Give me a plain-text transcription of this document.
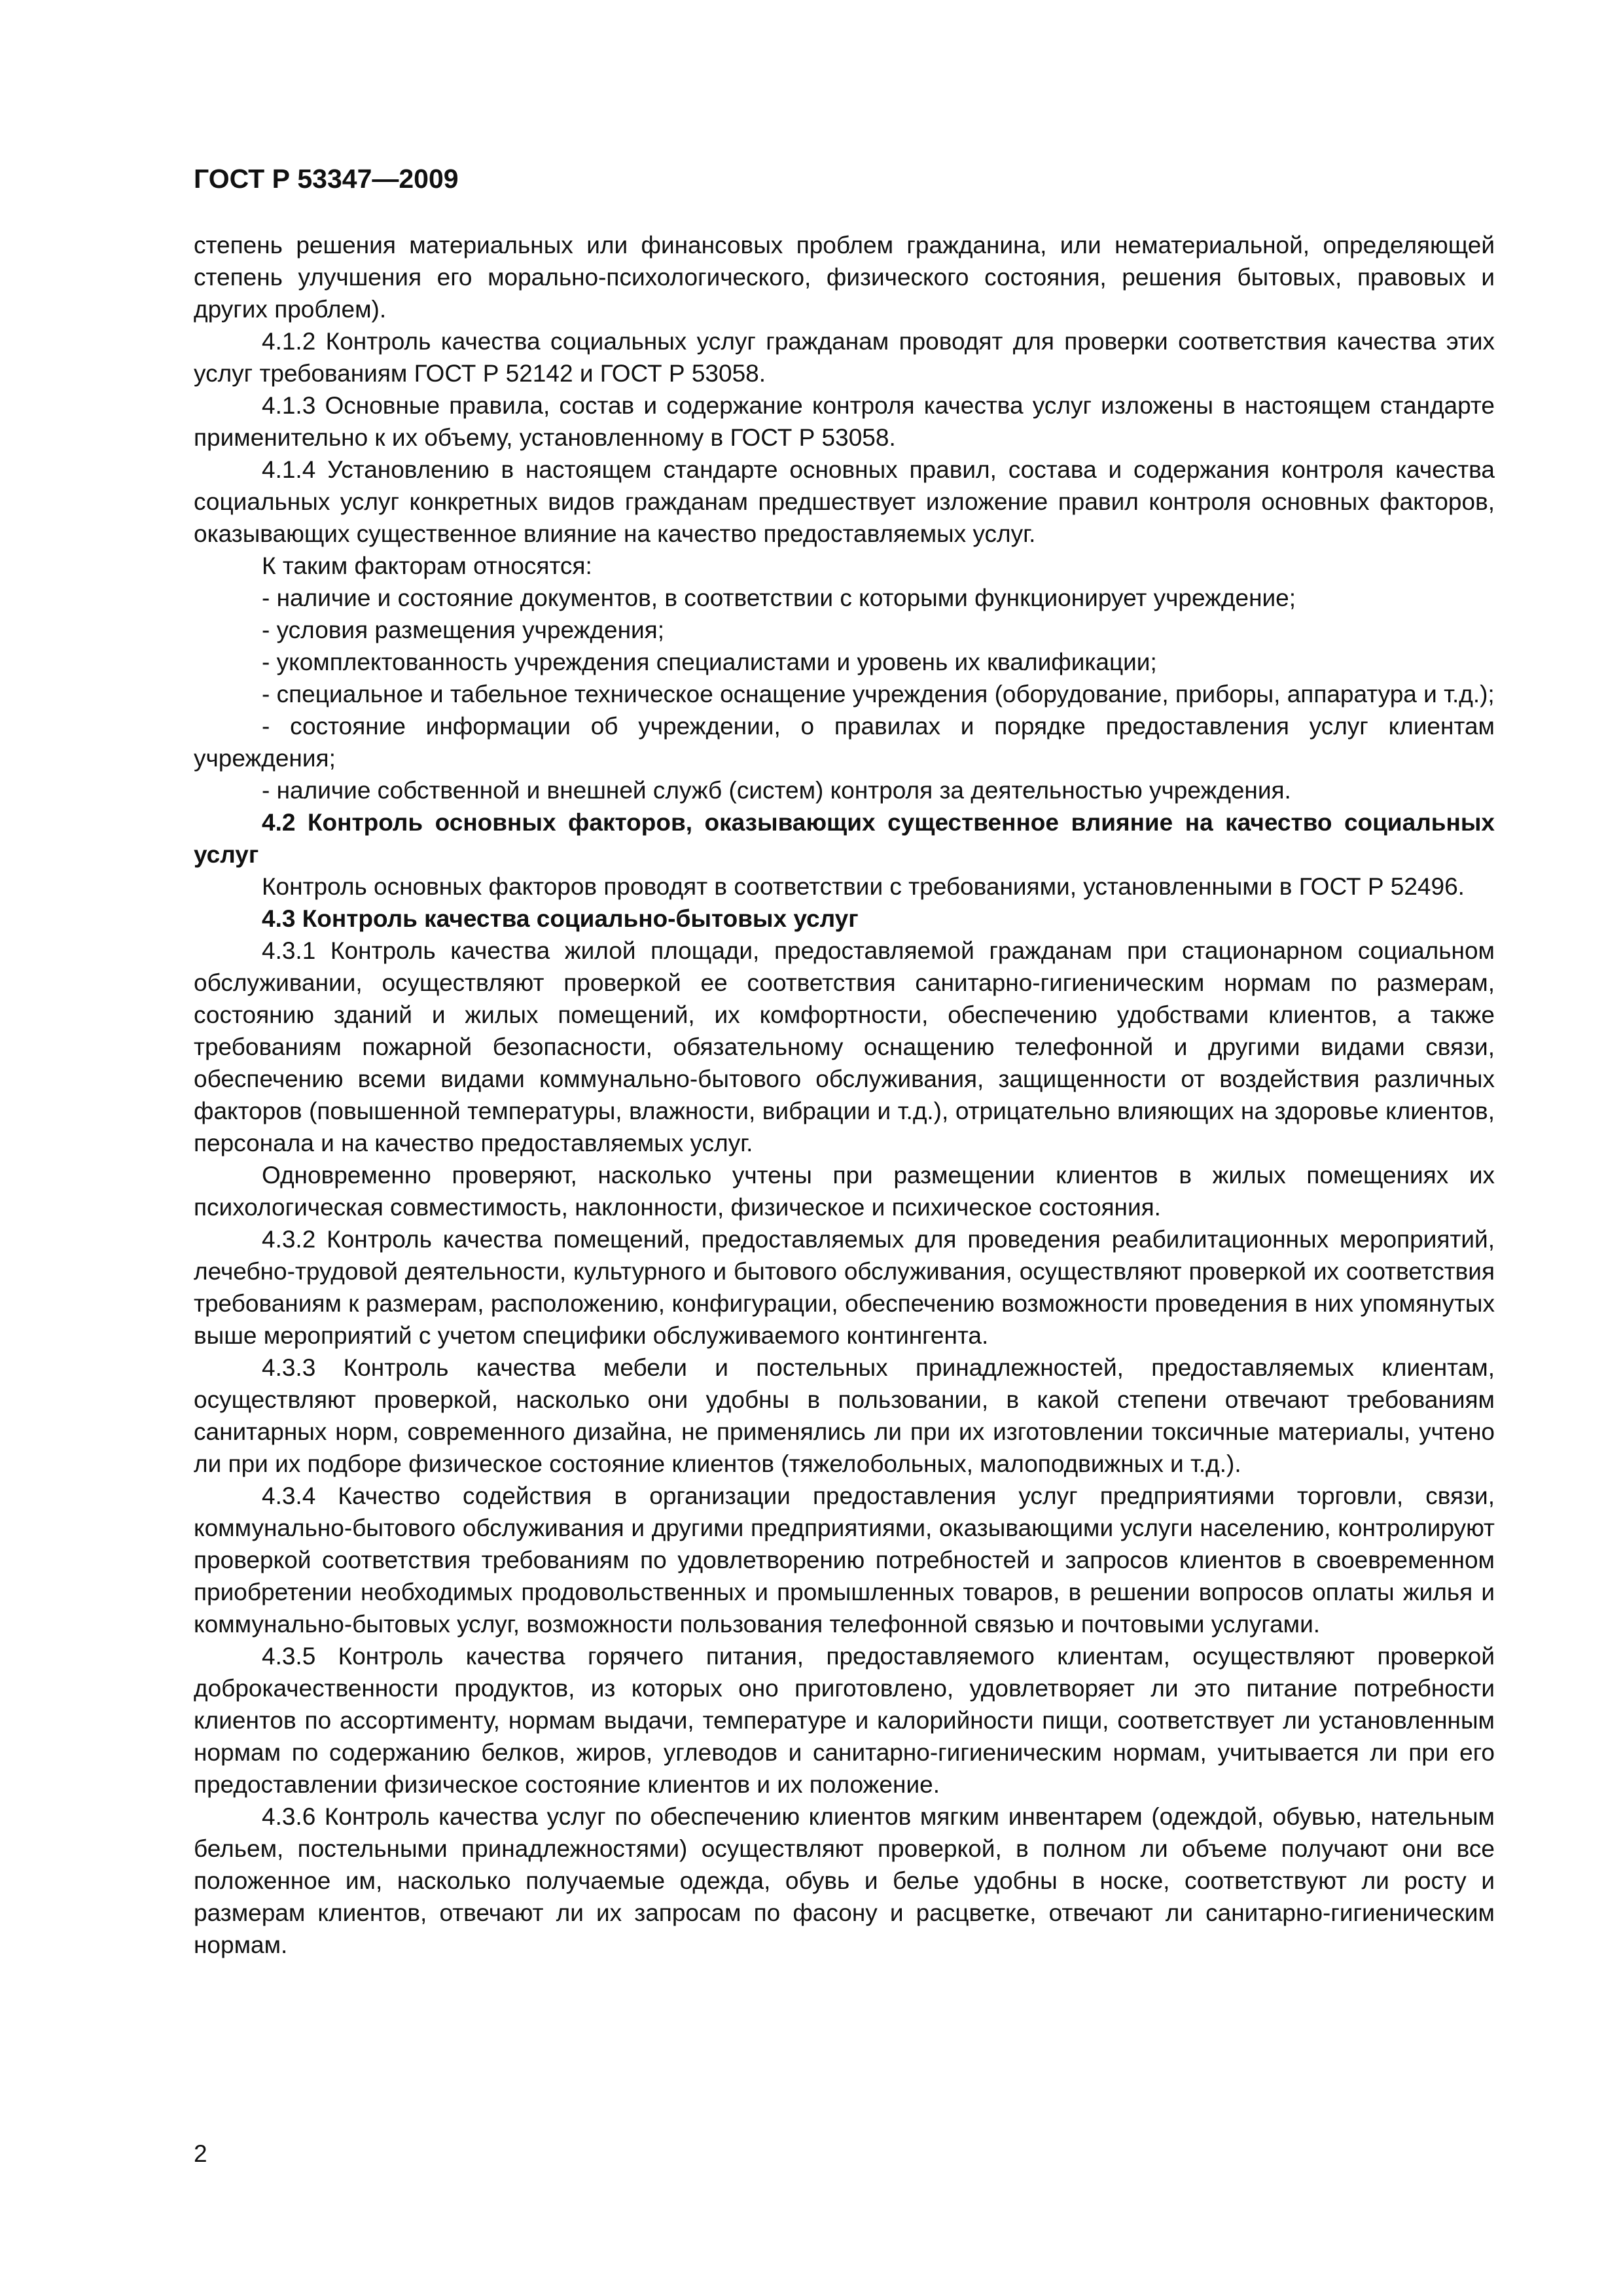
ГОСТ Р 53347—2009

степень решения материальных или финансовых проблем гражданина, или нематериальной, определяющей степень улучшения его морально-психологического, физического состояния, решения бытовых, правовых и других проблем).

4.1.2 Контроль качества социальных услуг гражданам проводят для проверки соответствия качества этих услуг требованиям ГОСТ Р 52142 и ГОСТ Р 53058.

4.1.3 Основные правила, состав и содержание контроля качества услуг изложены в настоящем стандарте применительно к их объему, установленному в ГОСТ Р 53058.

4.1.4 Установлению в настоящем стандарте основных правил, состава и содержания контроля качества социальных услуг конкретных видов гражданам предшествует изложение правил контроля основных факторов, оказывающих существенное влияние на качество предоставляемых услуг.

К таким факторам относятся:

- наличие и состояние документов, в соответствии с которыми функционирует учреждение;

- условия размещения учреждения;

- укомплектованность учреждения специалистами и уровень их квалификации;

- специальное и табельное техническое оснащение учреждения (оборудование, приборы, аппаратура и т.д.);

- состояние информации об учреждении, о правилах и порядке предоставления услуг клиентам учреждения;

- наличие собственной и внешней служб (систем) контроля за деятельностью учреждения.

4.2 Контроль основных факторов, оказывающих существенное влияние на качество социальных услуг

Контроль основных факторов проводят в соответствии с требованиями, установленными в ГОСТ Р 52496.

4.3 Контроль качества социально-бытовых услуг

4.3.1 Контроль качества жилой площади, предоставляемой гражданам при стационарном социальном обслуживании, осуществляют проверкой ее соответствия санитарно-гигиеническим нормам по размерам, состоянию зданий и жилых помещений, их комфортности, обеспечению удобствами клиентов, а также требованиям пожарной безопасности, обязательному оснащению телефонной и другими видами связи, обеспечению всеми видами коммунально-бытового обслуживания, защищенности от воздействия различных факторов (повышенной температуры, влажности, вибрации и т.д.), отрицательно влияющих на здоровье клиентов, персонала и на качество предоставляемых услуг.

Одновременно проверяют, насколько учтены при размещении клиентов в жилых помещениях их психологическая совместимость, наклонности, физическое и психическое состояния.

4.3.2 Контроль качества помещений, предоставляемых для проведения реабилитационных мероприятий, лечебно-трудовой деятельности, культурного и бытового обслуживания, осуществляют проверкой их соответствия требованиям к размерам, расположению, конфигурации, обеспечению возможности проведения в них упомянутых выше мероприятий с учетом специфики обслуживаемого контингента.

4.3.3 Контроль качества мебели и постельных принадлежностей, предоставляемых клиентам, осуществляют проверкой, насколько они удобны в пользовании, в какой степени отвечают требованиям санитарных норм, современного дизайна, не применялись ли при их изготовлении токсичные материалы, учтено ли при их подборе физическое состояние клиентов (тяжелобольных, малоподвижных и т.д.).

4.3.4 Качество содействия в организации предоставления услуг предприятиями торговли, связи, коммунально-бытового обслуживания и другими предприятиями, оказывающими услуги населению, контролируют проверкой соответствия требованиям по удовлетворению потребностей и запросов клиентов в своевременном приобретении необходимых продовольственных и промышленных товаров, в решении вопросов оплаты жилья и коммунально-бытовых услуг, возможности пользования телефонной связью и почтовыми услугами.

4.3.5 Контроль качества горячего питания, предоставляемого клиентам, осуществляют проверкой доброкачественности продуктов, из которых оно приготовлено, удовлетворяет ли это питание потребности клиентов по ассортименту, нормам выдачи, температуре и калорийности пищи, соответствует ли установленным нормам по содержанию белков, жиров, углеводов и санитарно-гигиеническим нормам, учитывается ли при его предоставлении физическое состояние клиентов и их положение.

4.3.6 Контроль качества услуг по обеспечению клиентов мягким инвентарем (одеждой, обувью, нательным бельем, постельными принадлежностями) осуществляют проверкой, в полном ли объеме получают они все положенное им, насколько получаемые одежда, обувь и белье удобны в носке, соответствуют ли росту и размерам клиентов, отвечают ли их запросам по фасону и расцветке, отвечают ли санитарно-гигиеническим нормам.

2
